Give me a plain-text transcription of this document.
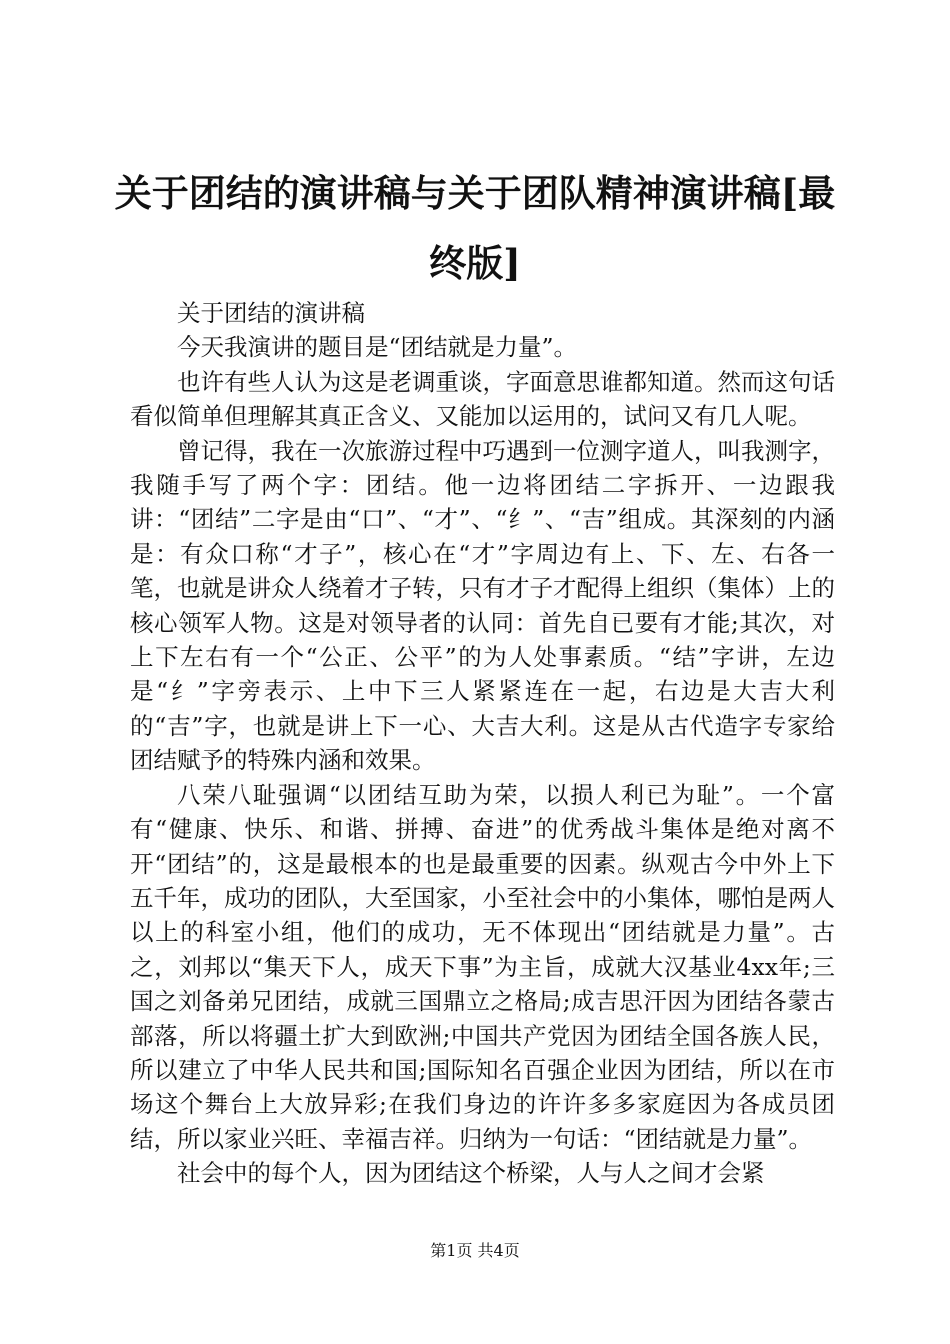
关于团结的演讲稿与关于团队精神演讲稿[最终版]

关于团结的演讲稿

今天我演讲的题目是“团结就是力量”。

也许有些人认为这是老调重谈，字面意思谁都知道。然而这句话看似简单但理解其真正含义、又能加以运用的，试问又有几人呢。

曾记得，我在一次旅游过程中巧遇到一位测字道人，叫我测字，我随手写了两个字：团结。他一边将团结二字拆开、一边跟我讲：“团结”二字是由“口”、“才”、“纟”、“吉”组成。其深刻的内涵是：有众口称“才子”，核心在“才”字周边有上、下、左、右各一笔，也就是讲众人绕着才子转，只有才子才配得上组织（集体）上的核心领军人物。这是对领导者的认同：首先自已要有才能;其次，对上下左右有一个“公正、公平”的为人处事素质。“结”字讲，左边是“纟”字旁表示、上中下三人紧紧连在一起，右边是大吉大利的“吉”字，也就是讲上下一心、大吉大利。这是从古代造字专家给团结赋予的特殊内涵和效果。

八荣八耻强调“以团结互助为荣，以损人利已为耻”。一个富有“健康、快乐、和谐、拼搏、奋进”的优秀战斗集体是绝对离不开“团结”的，这是最根本的也是最重要的因素。纵观古今中外上下五千年，成功的团队，大至国家，小至社会中的小集体，哪怕是两人以上的科室小组，他们的成功，无不体现出“团结就是力量”。古之，刘邦以“集天下人，成天下事”为主旨，成就大汉基业4xx年;三国之刘备弟兄团结，成就三国鼎立之格局;成吉思汗因为团结各蒙古部落，所以将疆土扩大到欧洲;中国共产党因为团结全国各族人民，所以建立了中华人民共和国;国际知名百强企业因为团结，所以在市场这个舞台上大放异彩;在我们身边的许许多多家庭因为各成员团结，所以家业兴旺、幸福吉祥。归纳为一句话：“团结就是力量”。

社会中的每个人，因为团结这个桥梁，人与人之间才会紧

第1页 共4页
